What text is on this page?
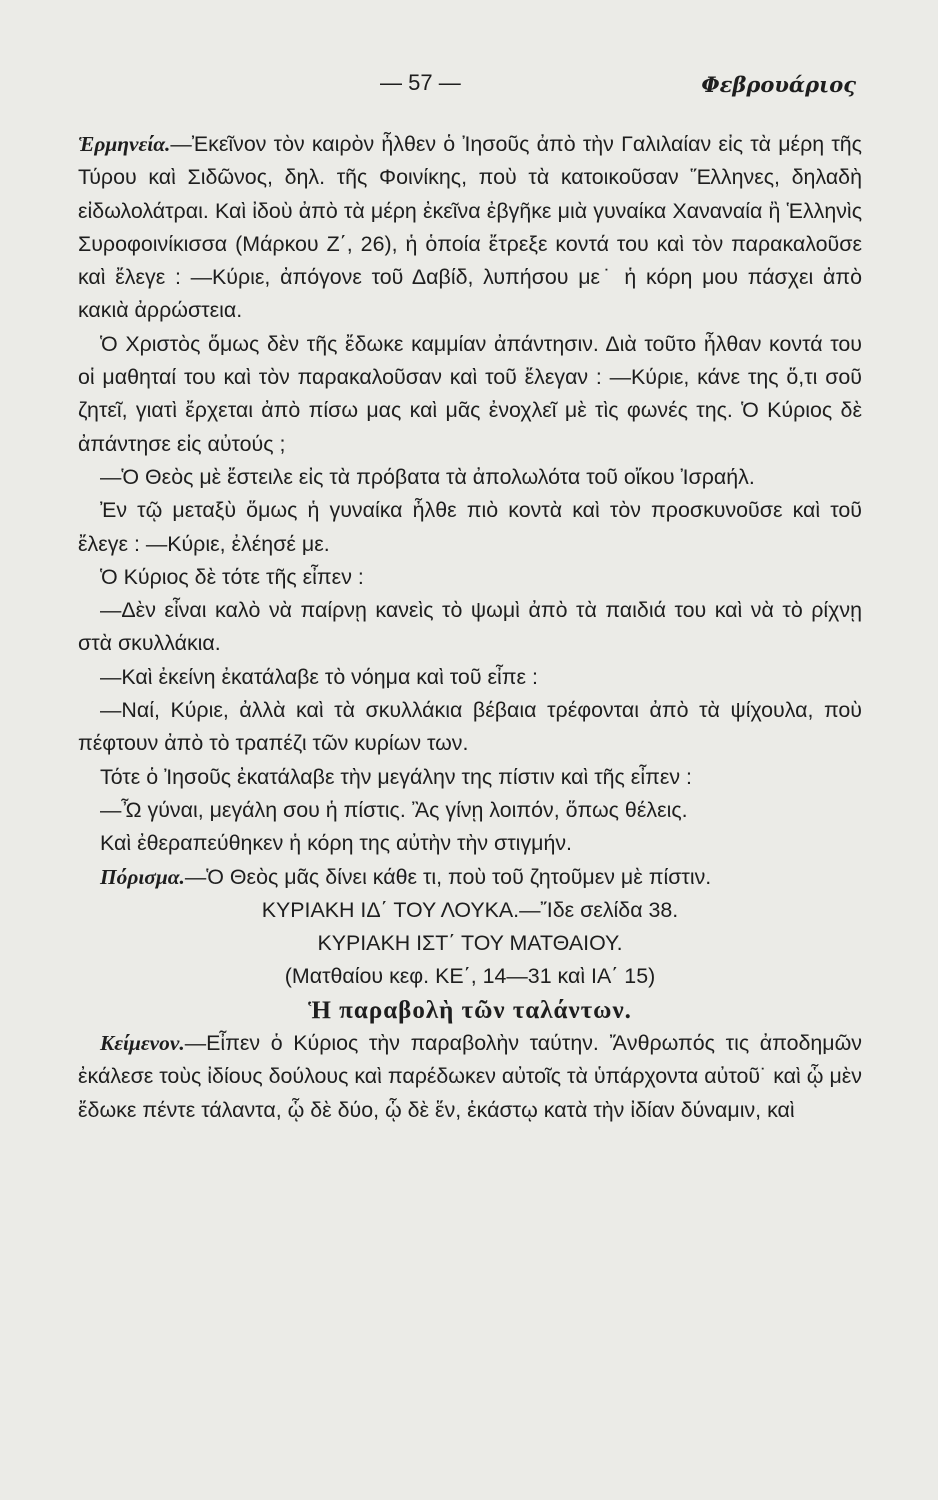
— 57 —	Φεβρουάριος

Ἑρμηνεία.—Ἐκεῖνον τὸν καιρὸν ἦλθεν ὁ Ἰησοῦς ἀπὸ τὴν Γαλιλαίαν εἰς τὰ μέρη τῆς Τύρου καὶ Σιδῶνος, δηλ. τῆς Φοινίκης, ποὺ τὰ κατοικοῦσαν Ἕλληνες, δηλαδὴ εἰδωλολάτραι. Καὶ ἰδοὺ ἀπὸ τὰ μέρη ἐκεῖνα ἐβγῆκε μιὰ γυναίκα Χαναναία ἢ Ἑλληνὶς Συροφοινίκισσα (Μάρκου Ζ΄, 26), ἡ ὁποία ἔτρεξε κοντά του καὶ τὸν παρακαλοῦσε καὶ ἔλεγε : —Κύριε, ἀπόγονε τοῦ Δαβίδ, λυπήσου με˙ ἡ κόρη μου πάσχει ἀπὸ κακιὰ ἀρρώστεια.

Ὁ Χριστὸς ὅμως δὲν τῆς ἔδωκε καμμίαν ἀπάντησιν. Διὰ τοῦτο ἦλθαν κοντά του οἱ μαθηταί του καὶ τὸν παρακαλοῦσαν καὶ τοῦ ἔλεγαν : —Κύριε, κάνε της ὅ,τι σοῦ ζητεῖ, γιατὶ ἔρχεται ἀπὸ πίσω μας καὶ μᾶς ἐνοχλεῖ μὲ τὶς φωνές της. Ὁ Κύριος δὲ ἀπάντησε εἰς αὐτούς ;

—Ὁ Θεὸς μὲ ἔστειλε εἰς τὰ πρόβατα τὰ ἀπολωλότα τοῦ οἴκου Ἰσραήλ.

Ἐν τῷ μεταξὺ ὅμως ἡ γυναίκα ἦλθε πιὸ κοντὰ καὶ τὸν προσκυνοῦσε καὶ τοῦ ἔλεγε : —Κύριε, ἐλέησέ με.

Ὁ Κύριος δὲ τότε τῆς εἶπεν :

—Δὲν εἶναι καλὸ νὰ παίρνῃ κανεὶς τὸ ψωμὶ ἀπὸ τὰ παιδιά του καὶ νὰ τὸ ρίχνῃ στὰ σκυλλάκια.

—Καὶ ἐκείνη ἐκατάλαβε τὸ νόημα καὶ τοῦ εἶπε :

—Ναί, Κύριε, ἀλλὰ καὶ τὰ σκυλλάκια βέβαια τρέφονται ἀπὸ τὰ ψίχουλα, ποὺ πέφτουν ἀπὸ τὸ τραπέζι τῶν κυρίων των.

Τότε ὁ Ἰησοῦς ἐκατάλαβε τὴν μεγάλην της πίστιν καὶ τῆς εἶπεν :

—Ὦ γύναι, μεγάλη σου ἡ πίστις. Ἂς γίνῃ λοιπόν, ὅπως θέλεις.

Καὶ ἐθεραπεύθηκεν ἡ κόρη της αὐτὴν τὴν στιγμήν.

Πόρισμα.—Ὁ Θεὸς μᾶς δίνει κάθε τι, ποὺ τοῦ ζητοῦμεν μὲ πίστιν.

ΚΥΡΙΑΚΗ ΙΔ΄ ΤΟΥ ΛΟΥΚΑ.—Ἴδε σελίδα 38.

ΚΥΡΙΑΚΗ ΙΣΤ΄ ΤΟΥ ΜΑΤΘΑΙΟΥ.

(Ματθαίου κεφ. ΚΕ΄, 14—31 καὶ ΙΑ΄ 15)

Ἡ παραβολὴ τῶν ταλάντων.

Κείμενον.—Εἶπεν ὁ Κύριος τὴν παραβολὴν ταύτην. Ἄνθρωπός τις ἀποδημῶν ἐκάλεσε τοὺς ἰδίους δούλους καὶ παρέδωκεν αὐτοῖς τὰ ὑπάρχοντα αὐτοῦ˙ καὶ ᾧ μὲν ἔδωκε πέντε τάλαντα, ᾧ δὲ δύο, ᾧ δὲ ἕν, ἑκάστῳ κατὰ τὴν ἰδίαν δύναμιν, καὶ
